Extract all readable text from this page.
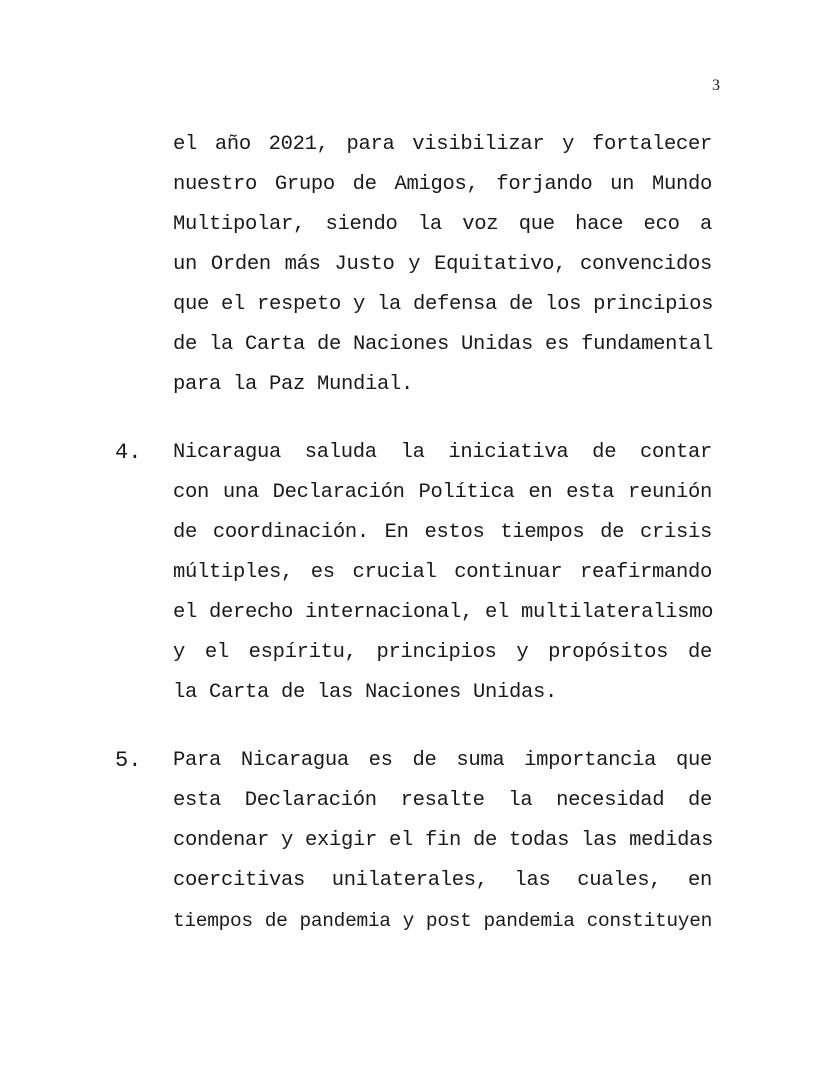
3
el año 2021, para visibilizar y fortalecer
nuestro Grupo de Amigos, forjando un Mundo
Multipolar, siendo la voz que hace eco a
un Orden más Justo y Equitativo, convencidos
que el respeto y la defensa de los principios
de la Carta de Naciones Unidas es fundamental
para la Paz Mundial.
4. Nicaragua saluda la iniciativa de contar
con una Declaración Política en esta reunión
de coordinación. En estos tiempos de crisis
múltiples, es crucial continuar reafirmando
el derecho internacional, el multilateralismo
y el espíritu, principios y propósitos de
la Carta de las Naciones Unidas.
5. Para Nicaragua es de suma importancia que
esta Declaración resalte la necesidad de
condenar y exigir el fin de todas las medidas
coercitivas unilaterales, las cuales, en
tiempos de pandemia y post pandemia constituyen
